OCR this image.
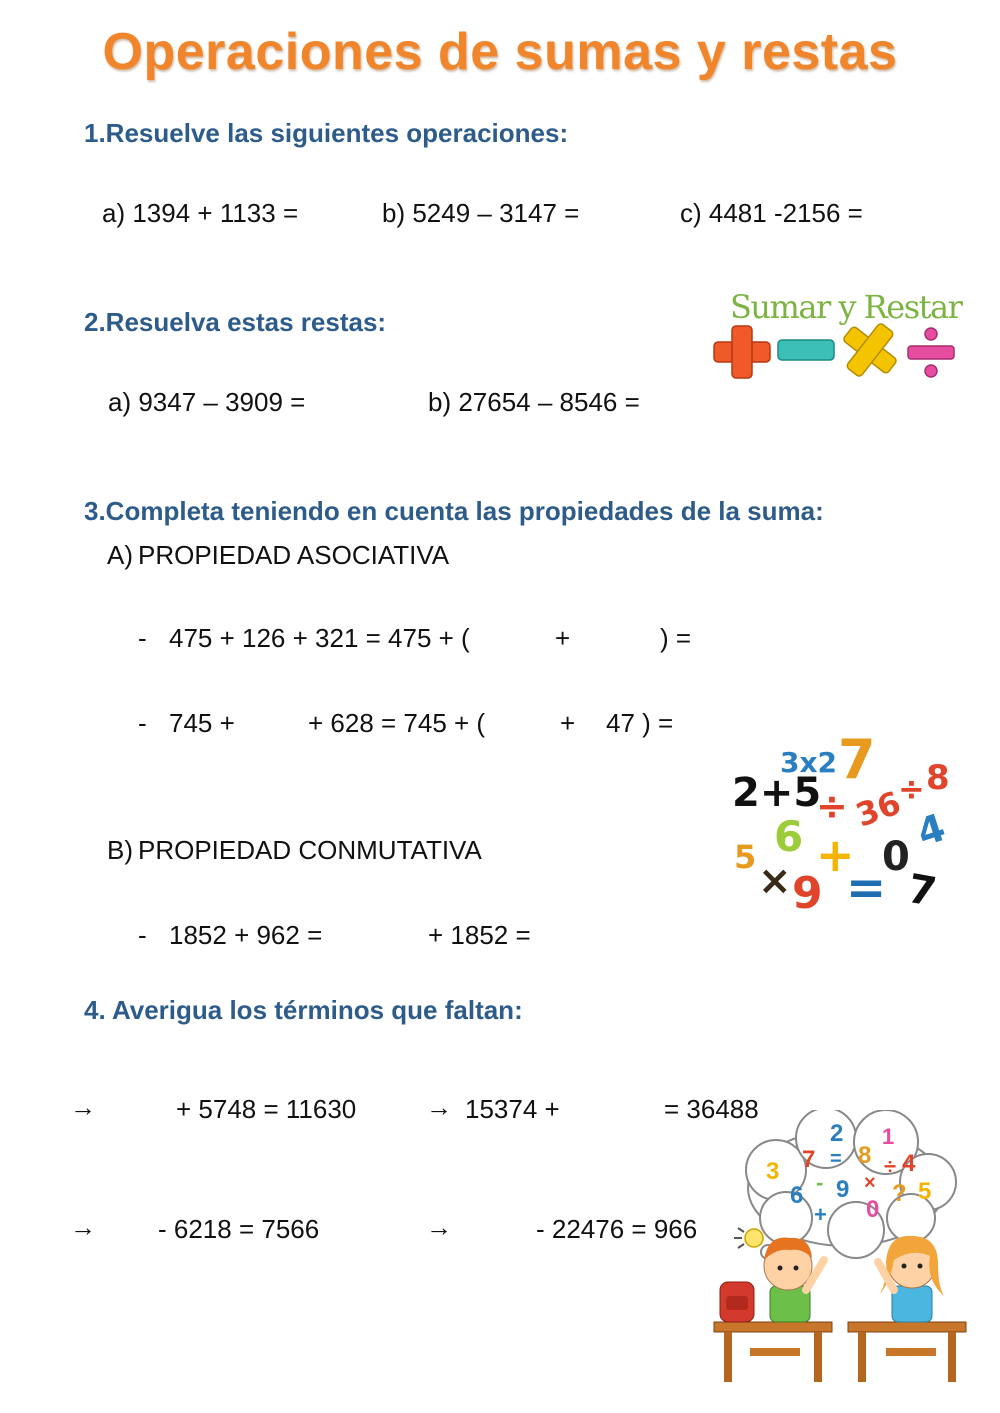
Operaciones de sumas y restas
1.Resuelve las siguientes operaciones:
a) 1394 + 1133 =	b) 5249 – 3147 =	c) 4481 -2156 =
2.Resuelva estas restas:
a) 9347 – 3909 =	b) 27654 – 8546 =
Sumar y Restar
3.Completa teniendo en cuenta las propiedades de la suma:
A) PROPIEDAD ASOCIATIVA
- 475 + 126 + 321 = 475 + (	+	) =
- 745 +	+ 628 = 745 + (	+ 47 ) =
B) PROPIEDAD CONMUTATIVA
- 1852 + 962 =	+ 1852 =
3x2 7
2+5
÷ 36
÷ 8
6	4
5 + 0
× 9 = 7
4. Averigua los términos que faltan:
→	+ 5748 = 11630	→ 15374 +	= 36488
→ - 6218 = 7566	→	- 22476 = 966
3 7
2
8
1
= ÷ 4
6 - 9 × ? 5
+ 0
